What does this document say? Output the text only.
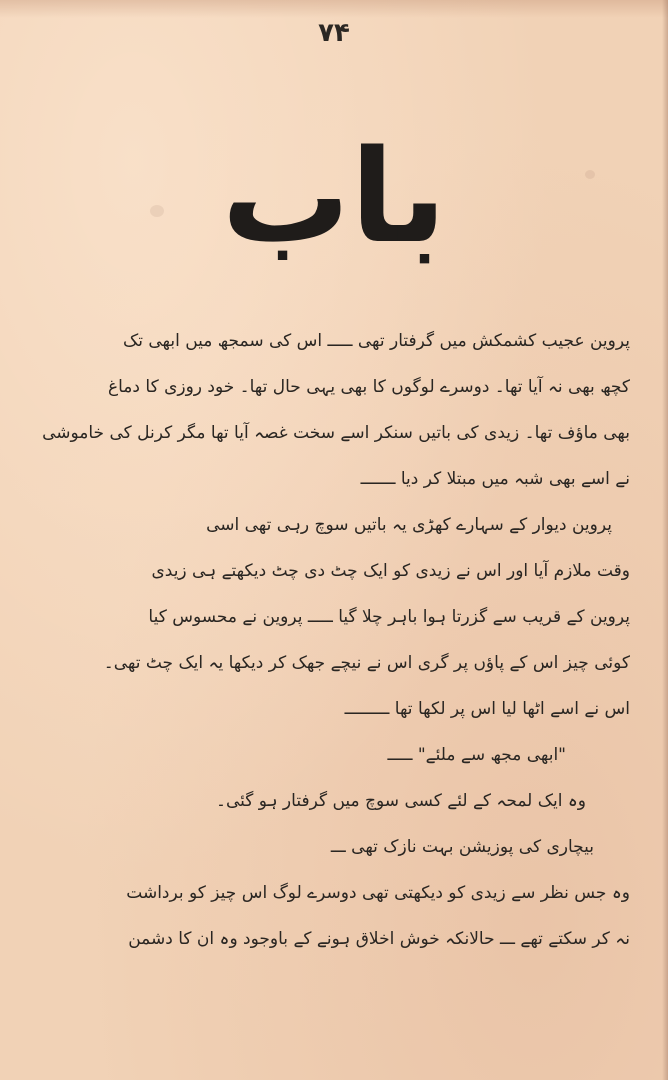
۷۴
باب
پروین عجیب کشمکش میں گرفتار تھی ـــــ اس کی سمجھ میں ابھی تک
کچھ بھی نہ آیا تھا۔ دوسرے لوگوں کا بھی یہی حال تھا۔ خود روزی کا دماغ
بھی ماؤف تھا۔ زیدی کی باتیں سنکر اسے سخت غصہ آیا تھا مگر کرنل کی خاموشی
نے اسے بھی شبہ میں مبتلا کر دیا ـــــــ
پروین دیوار کے سہارے کھڑی یہ باتیں سوچ رہی تھی اسی
وقت ملازم آیا اور اس نے زیدی کو ایک چٹ دی چٹ دیکھتے ہی زیدی
پروین کے قریب سے گزرتا ہوا باہر چلا گیا ـــــ پروین نے محسوس کیا
کوئی چیز اس کے پاؤں پر گری اس نے نیچے جھک کر دیکھا یہ ایک چٹ تھی۔
اس نے اسے اٹھا لیا اس پر لکھا تھا ـــــــــ
"ابھی مجھ سے ملئے" ـــــ
وہ ایک لمحہ کے لئے کسی سوچ میں گرفتار ہو گئی۔
بیچاری کی پوزیشن بہت نازک تھی ـــ
وہ جس نظر سے زیدی کو دیکھتی تھی دوسرے لوگ اس چیز کو برداشت
نہ کر سکتے تھے ـــ حالانکہ خوش اخلاق ہونے کے باوجود وہ ان کا دشمن
